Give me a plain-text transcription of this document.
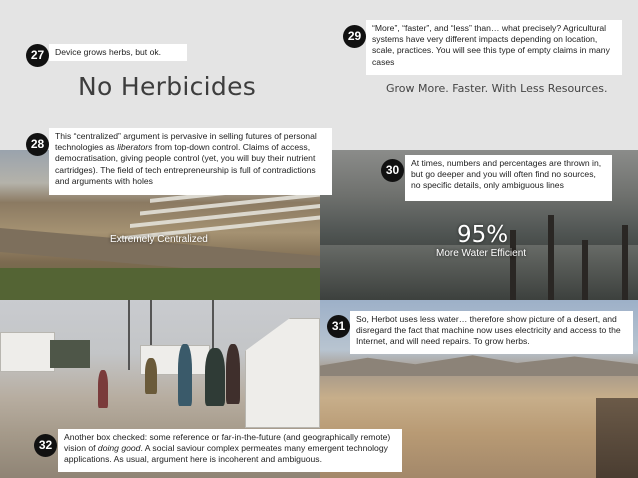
No Herbicides	Grow More. Faster. With Less Resources.
Extremely Centralized	95%
More Water Efficient
27	Device grows herbs, but ok.
28
This “centralized” argument is pervasive in selling futures of personal technologies as liberators from top-down control. Claims of access, democratisation, giving people control (yet, you will buy their nutrient cartridges). The field of tech entrepreneurship is full of contradictions and arguments with holes
29
“More”, “faster”, and “less” than… what precisely? Agricultural systems have very different impacts depending on location, scale, practices. You will see this type of empty claims in many cases
30	At times, numbers and percentages are thrown in, but go deeper and you will often find no sources, no specific details, only ambiguous lines
31	So, Herbot uses less water… therefore show picture of a desert, and disregard the fact that machine now uses electricity and access to the Internet, and will need repairs. To grow herbs.
32
Another box checked: some reference or far-in-the-future (and geographically remote) vision of doing good. A social saviour complex permeates many emergent technology applications. As usual, argument here is incoherent and ambiguous.
